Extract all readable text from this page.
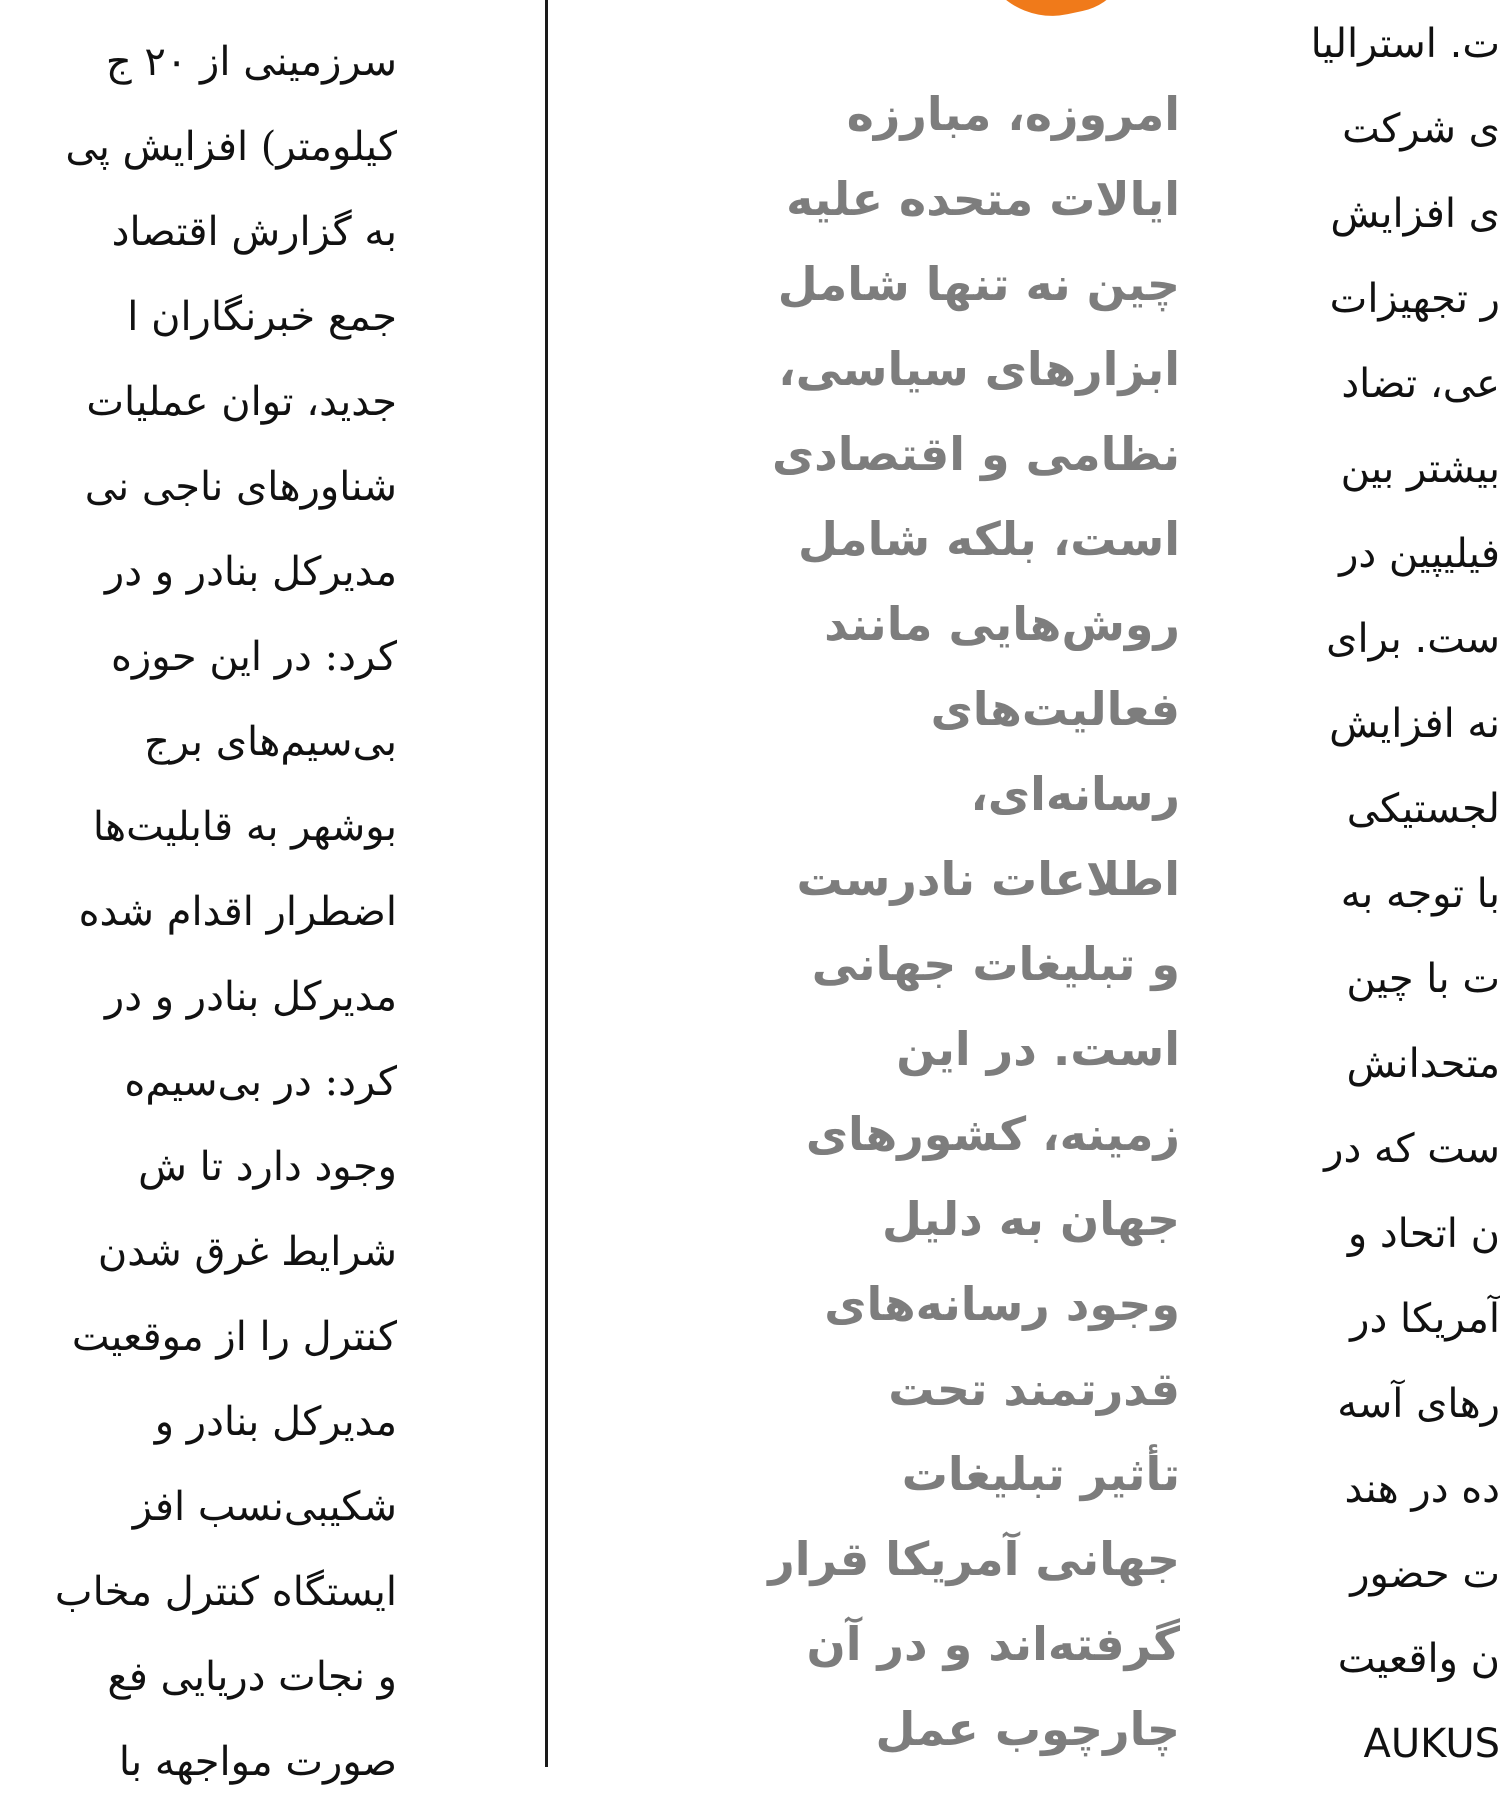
سرزمینی از ۲۰ ج
کیلومتر) افزایش پی
به گزارش اقتصاد
جمع خبرنگاران ا
جدید، توان عملیات
شناورهای ناجی نی
مدیرکل بنادر و در
کرد: در این حوزه
بی‌سیم‌های برج
بوشهر به قابلیت‌ها
اضطرار اقدام شده
مدیرکل بنادر و در
کرد: در بی‌سیم‌ه
وجود دارد تا ش
شرایط غرق شدن
کنترل را از موقعیت
مدیرکل بنادر و
شکیبی‌نسب افز
ایستگاه کنترل مخاب
و نجات دریایی فع
صورت مواجهه با
امروزه، مبارزه
ایالات متحده علیه
چین نه تنها شامل
ابزارهای سیاسی،
نظامی و اقتصادی
است، بلکه شامل
روش‌هایی مانند
فعالیت‌های
رسانه‌ای،
اطلاعات نادرست
و تبلیغات جهانی
است. در این
زمینه، کشورهای
جهان به دلیل
وجود رسانه‌های
قدرتمند تحت
تأثیر تبلیغات
جهانی آمریکا قرار
گرفته‌اند و در آن
چارچوب عمل
ت. استرالیا
ی شرکت
ی افزایش
ر تجهیزات
عی، تضاد
بیشتر بین
فیلیپین در
ست. برای
نه افزایش
لجستیکی
با توجه به
ت با چین
متحدانش
ست که در
ن اتحاد و
آمریکا در
رهای آسه
ده در هند
ت حضور
ن واقعیت
AUKUS
